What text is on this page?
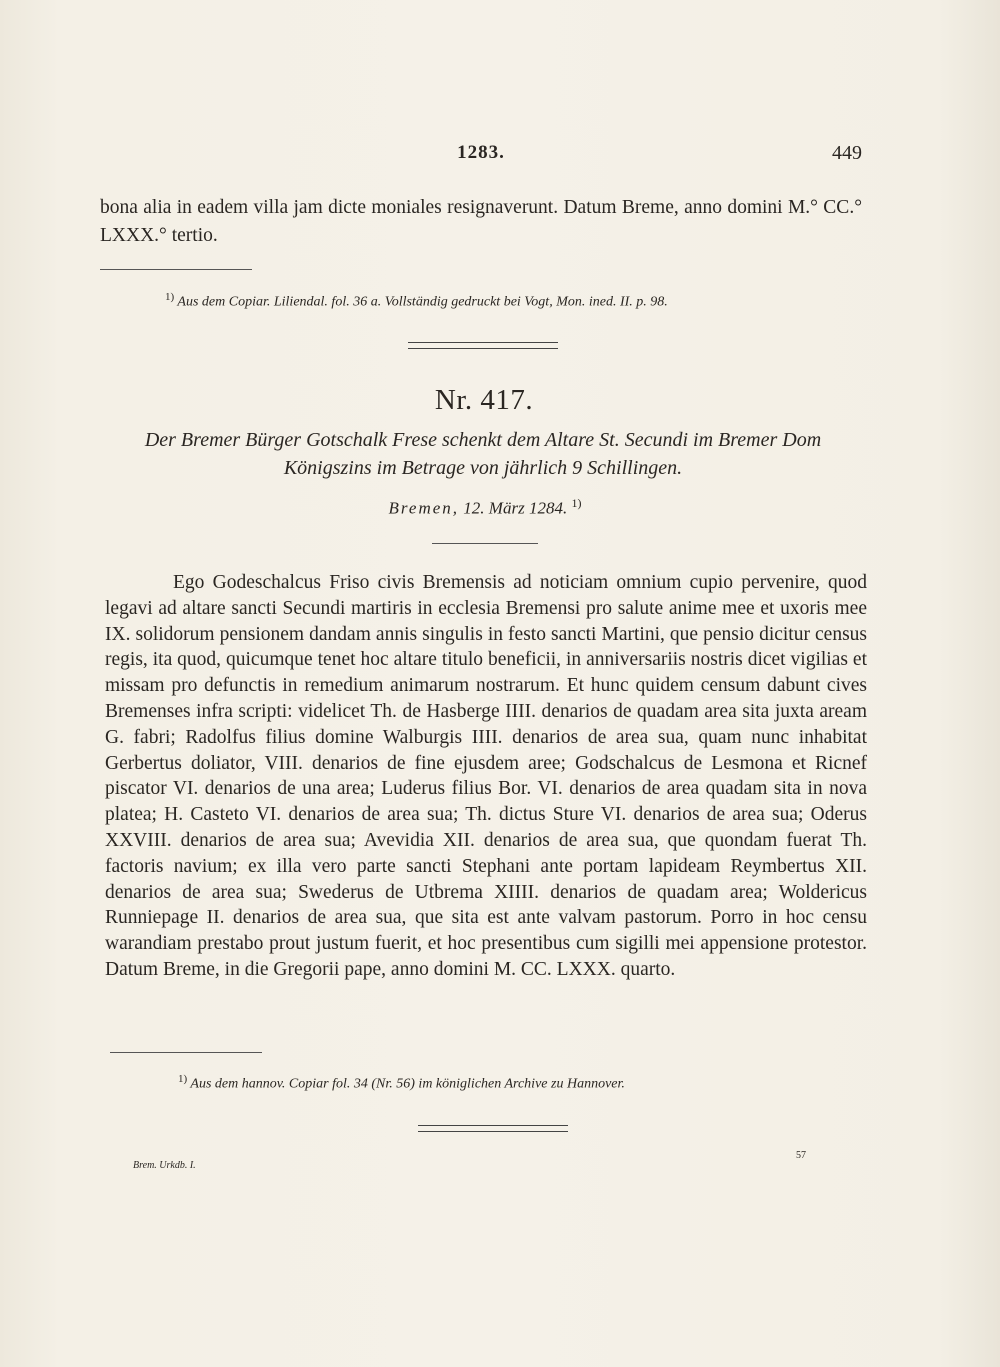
1283.	449
bona alia in eadem villa jam dicte moniales resignaverunt. Datum Breme, anno domini M.° CC.° LXXX.° tertio.
$^{1)}$ Aus dem Copiar. Liliendal. fol. 36 a. Vollständig gedruckt bei Vogt, Mon. ined. II. p. 98.
Nr. 417.
Der Bremer Bürger Gotschalk Frese schenkt dem Altare St. Secundi im Bremer Dom
Königszins im Betrage von jährlich 9 Schillingen.
Bremen, 12. März 1284. $^{1)}$
Ego Godeschalcus Friso civis Bremensis ad noticiam omnium cupio pervenire, quod legavi ad altare sancti Secundi martiris in ecclesia Bremensi pro salute anime mee et uxoris mee IX. solidorum pensionem dandam annis singulis in festo sancti Martini, que pensio dicitur census regis, ita quod, quicumque tenet hoc altare titulo beneficii, in anniversariis nostris dicet vigilias et missam pro defunctis in remedium animarum nostrarum. Et hunc quidem censum dabunt cives Bremenses infra scripti: videlicet Th. de Hasberge IIII. denarios de quadam area sita juxta aream G. fabri; Radolfus filius domine Walburgis IIII. denarios de area sua, quam nunc inhabitat Gerbertus doliator, VIII. denarios de fine ejusdem aree; Godschalcus de Lesmona et Ricnef piscator VI. denarios de una area; Luderus filius Bor. VI. denarios de area quadam sita in nova platea; H. Casteto VI. denarios de area sua; Th. dictus Sture VI. denarios de area sua; Oderus XXVIII. denarios de area sua; Avevidia XII. denarios de area sua, que quondam fuerat Th. factoris navium; ex illa vero parte sancti Stephani ante portam lapideam Reymbertus XII. denarios de area sua; Swederus de Utbrema XIIII. denarios de quadam area; Woldericus Runniepage II. denarios de area sua, que sita est ante valvam pastorum. Porro in hoc censu warandiam prestabo prout justum fuerit, et hoc presentibus cum sigilli mei appensione protestor. Datum Breme, in die Gregorii pape, anno domini M. CC. LXXX. quarto.
$^{1)}$ Aus dem hannov. Copiar fol. 34 (Nr. 56) im königlichen Archive zu Hannover.
57
Brem. Urkdb. I.
